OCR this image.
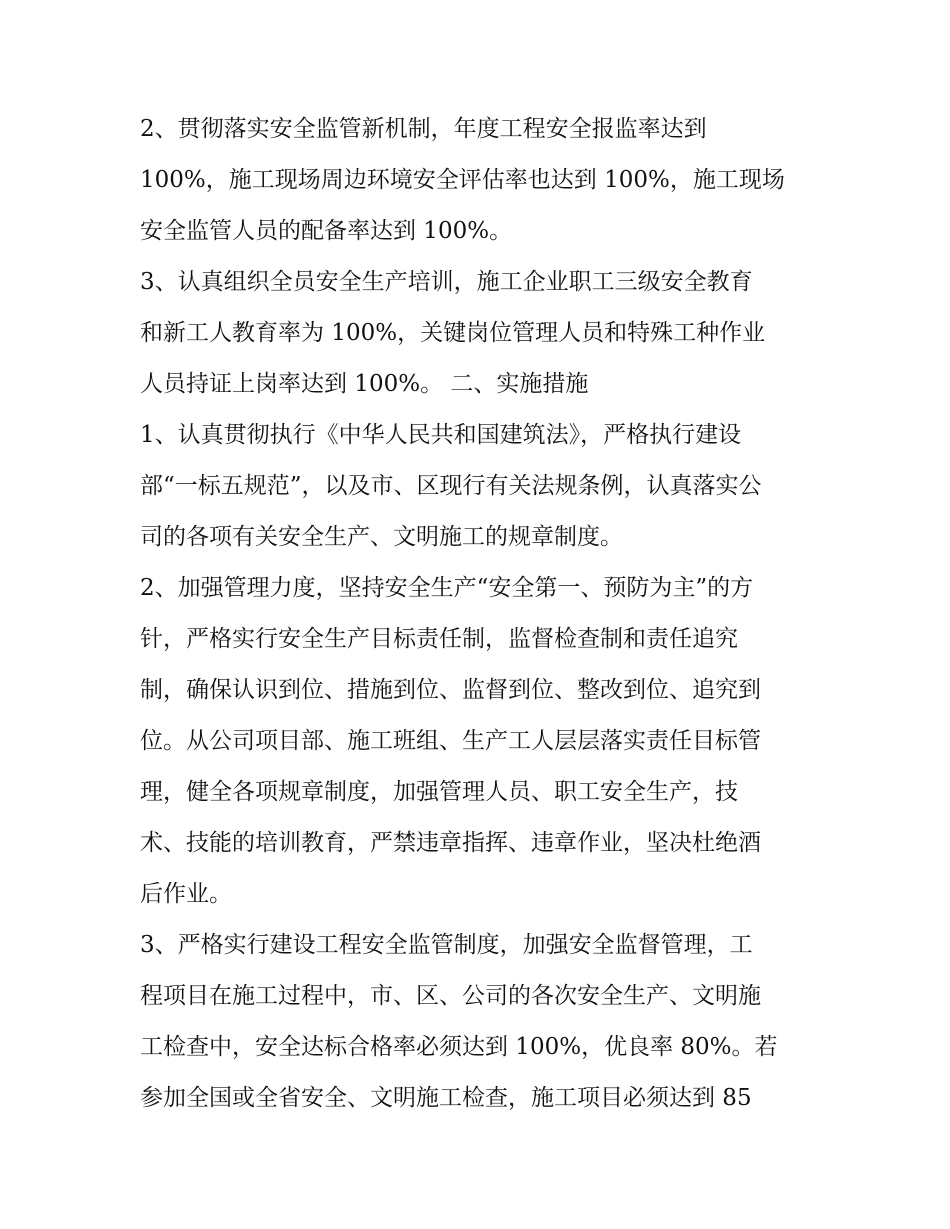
2、贯彻落实安全监管新机制，年度工程安全报监率达到
100%，施工现场周边环境安全评估率也达到 100%，施工现场
安全监管人员的配备率达到 100%。
3、认真组织全员安全生产培训，施工企业职工三级安全教育
和新工人教育率为 100%，关键岗位管理人员和特殊工种作业
人员持证上岗率达到 100%。 二、实施措施
1、认真贯彻执行《中华人民共和国建筑法》，严格执行建设
部“一标五规范”，以及市、区现行有关法规条例，认真落实公
司的各项有关安全生产、文明施工的规章制度。
2、加强管理力度，坚持安全生产“安全第一、预防为主”的方
针，严格实行安全生产目标责任制，监督检查制和责任追究
制，确保认识到位、措施到位、监督到位、整改到位、追究到
位。从公司项目部、施工班组、生产工人层层落实责任目标管
理，健全各项规章制度，加强管理人员、职工安全生产，技
术、技能的培训教育，严禁违章指挥、违章作业，坚决杜绝酒
后作业。
3、严格实行建设工程安全监管制度，加强安全监督管理，工
程项目在施工过程中，市、区、公司的各次安全生产、文明施
工检查中，安全达标合格率必须达到 100%，优良率 80%。若
参加全国或全省安全、文明施工检查，施工项目必须达到 85
